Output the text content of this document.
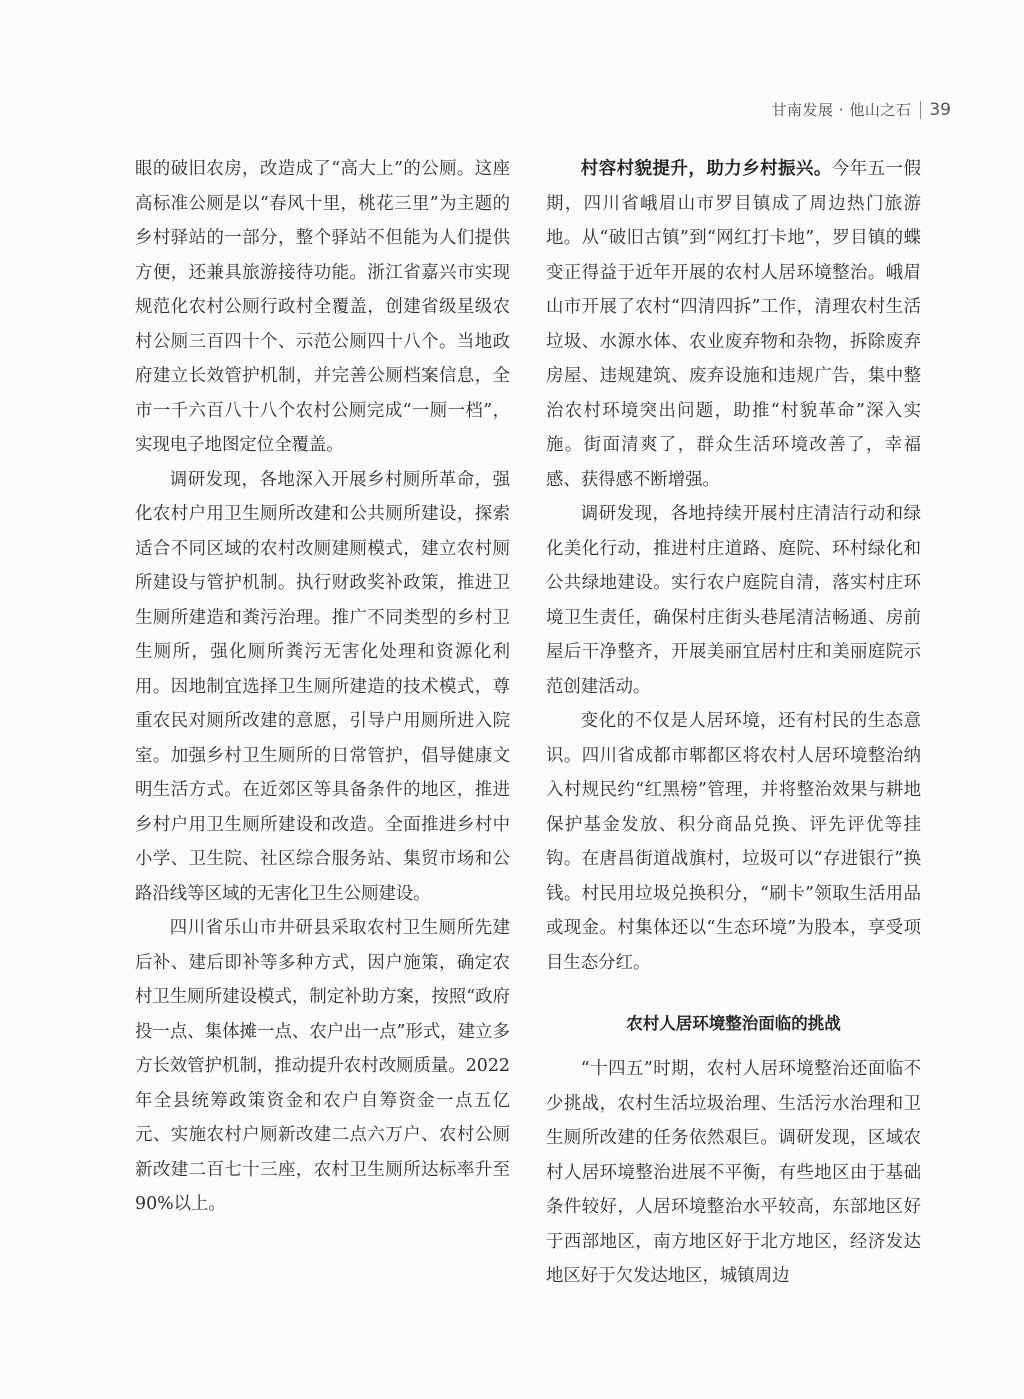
甘南发展 · 他山之石 39

眼的破旧农房，改造成了“高大上”的公厕。这座高标准公厕是以“春风十里，桃花三里”为主题的乡村驿站的一部分，整个驿站不但能为人们提供方便，还兼具旅游接待功能。浙江省嘉兴市实现规范化农村公厕行政村全覆盖，创建省级星级农村公厕三百四十个、示范公厕四十八个。当地政府建立长效管护机制，并完善公厕档案信息，全市一千六百八十八个农村公厕完成“一厕一档”，实现电子地图定位全覆盖。

调研发现，各地深入开展乡村厕所革命，强化农村户用卫生厕所改建和公共厕所建设，探索适合不同区域的农村改厕建厕模式，建立农村厕所建设与管护机制。执行财政奖补政策，推进卫生厕所建造和粪污治理。推广不同类型的乡村卫生厕所，强化厕所粪污无害化处理和资源化利用。因地制宜选择卫生厕所建造的技术模式，尊重农民对厕所改建的意愿，引导户用厕所进入院室。加强乡村卫生厕所的日常管护，倡导健康文明生活方式。在近郊区等具备条件的地区，推进乡村户用卫生厕所建设和改造。全面推进乡村中小学、卫生院、社区综合服务站、集贸市场和公路沿线等区域的无害化卫生公厕建设。

四川省乐山市井研县采取农村卫生厕所先建后补、建后即补等多种方式，因户施策，确定农村卫生厕所建设模式，制定补助方案，按照“政府投一点、集体摊一点、农户出一点”形式，建立多方长效管护机制，推动提升农村改厕质量。2022年全县统筹政策资金和农户自筹资金一点五亿元、实施农村户厕新改建二点六万户、农村公厕新改建二百七十三座，农村卫生厕所达标率升至90%以上。

村容村貌提升，助力乡村振兴。今年五一假期，四川省峨眉山市罗目镇成了周边热门旅游地。从“破旧古镇”到“网红打卡地”，罗目镇的蝶变正得益于近年开展的农村人居环境整治。峨眉山市开展了农村“四清四拆”工作，清理农村生活垃圾、水源水体、农业废弃物和杂物，拆除废弃房屋、违规建筑、废弃设施和违规广告，集中整治农村环境突出问题，助推“村貌革命”深入实施。街面清爽了，群众生活环境改善了，幸福感、获得感不断增强。

调研发现，各地持续开展村庄清洁行动和绿化美化行动，推进村庄道路、庭院、环村绿化和公共绿地建设。实行农户庭院自清，落实村庄环境卫生责任，确保村庄街头巷尾清洁畅通、房前屋后干净整齐，开展美丽宜居村庄和美丽庭院示范创建活动。

变化的不仅是人居环境，还有村民的生态意识。四川省成都市郫都区将农村人居环境整治纳入村规民约“红黑榜”管理，并将整治效果与耕地保护基金发放、积分商品兑换、评先评优等挂钩。在唐昌街道战旗村，垃圾可以“存进银行”换钱。村民用垃圾兑换积分，“刷卡”领取生活用品或现金。村集体还以“生态环境”为股本，享受项目生态分红。

农村人居环境整治面临的挑战

“十四五”时期，农村人居环境整治还面临不少挑战，农村生活垃圾治理、生活污水治理和卫生厕所改建的任务依然艰巨。调研发现，区域农村人居环境整治进展不平衡，有些地区由于基础条件较好，人居环境整治水平较高，东部地区好于西部地区，南方地区好于北方地区，经济发达地区好于欠发达地区，城镇周边
